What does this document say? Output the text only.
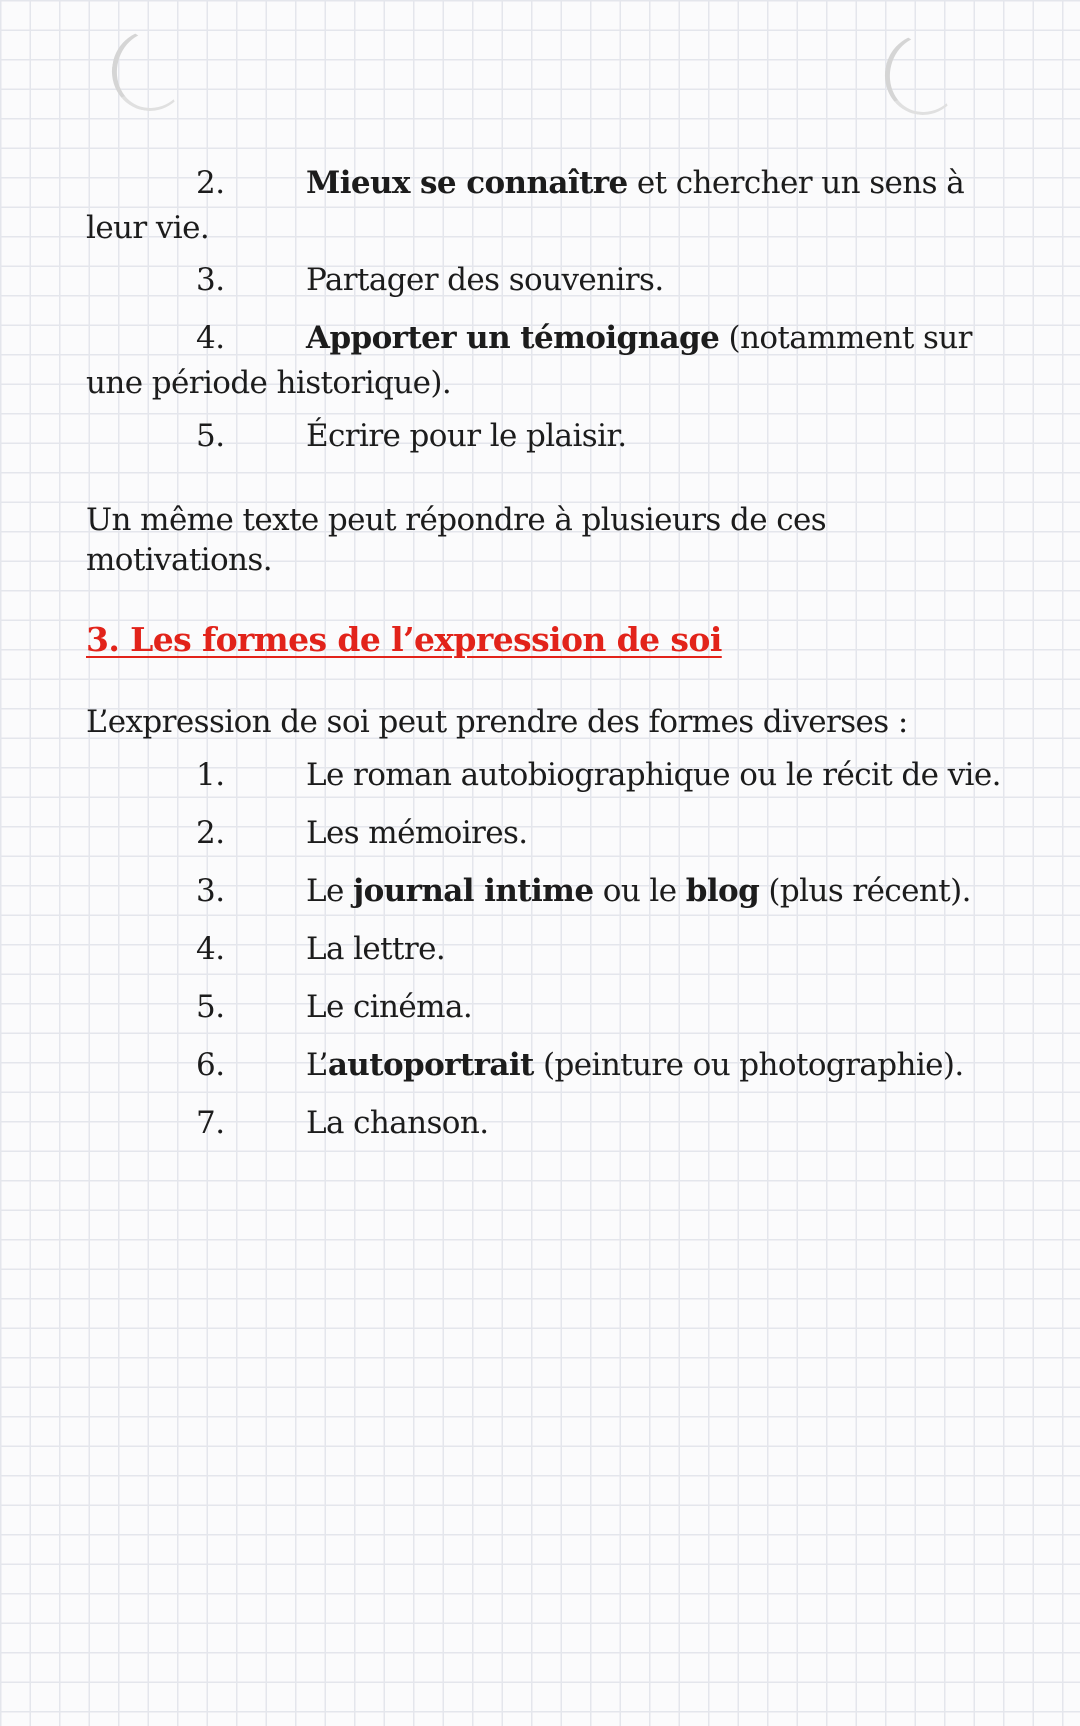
2.	Mieux se connaître et chercher un sens à
leur vie.
3.	Partager des souvenirs.
4.	Apporter un témoignage (notamment sur
une période historique).
5.	Écrire pour le plaisir.
Un même texte peut répondre à plusieurs de ces
motivations.
3. Les formes de l’expression de soi
L’expression de soi peut prendre des formes diverses :
1.	Le roman autobiographique ou le récit de vie.
2.	Les mémoires.
3.	Le journal intime ou le blog (plus récent).
4.	La lettre.
5.	Le cinéma.
6.	L’autoportrait (peinture ou photographie).
7.	La chanson.
